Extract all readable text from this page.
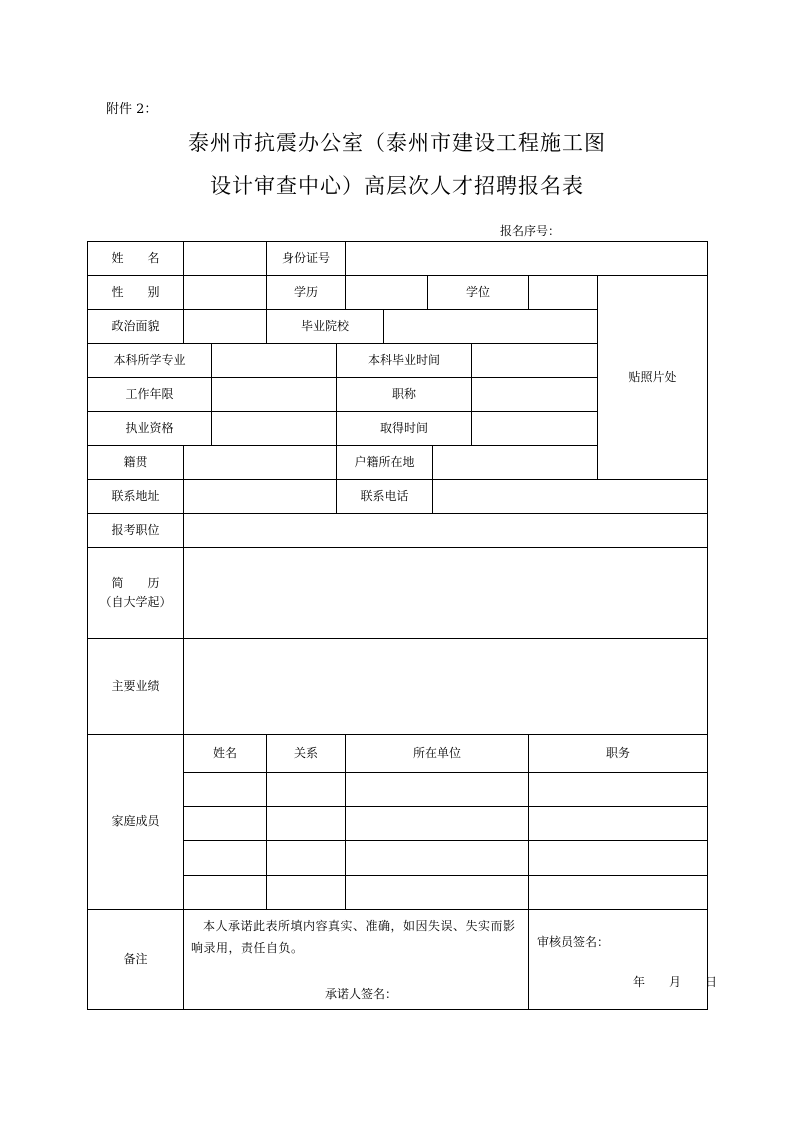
附件 2：
泰州市抗震办公室（泰州市建设工程施工图
设计审查中心）高层次人才招聘报名表
报名序号：
姓　　名	身份证号
性　　别	学历	学位
贴照片处
政治面貌	毕业院校
本科所学专业	本科毕业时间
工作年限	职称
执业资格	取得时间
籍贯	户籍所在地
联系地址	联系电话
报考职位
简　　历
（自大学起）
主要业绩
家庭成员
姓名	关系	所在单位	职务
备注
本人承诺此表所填内容真实、准确，如因失误、失实而影响录用，责任自负。
承诺人签名：
审核员签名：
年　　月　　日
